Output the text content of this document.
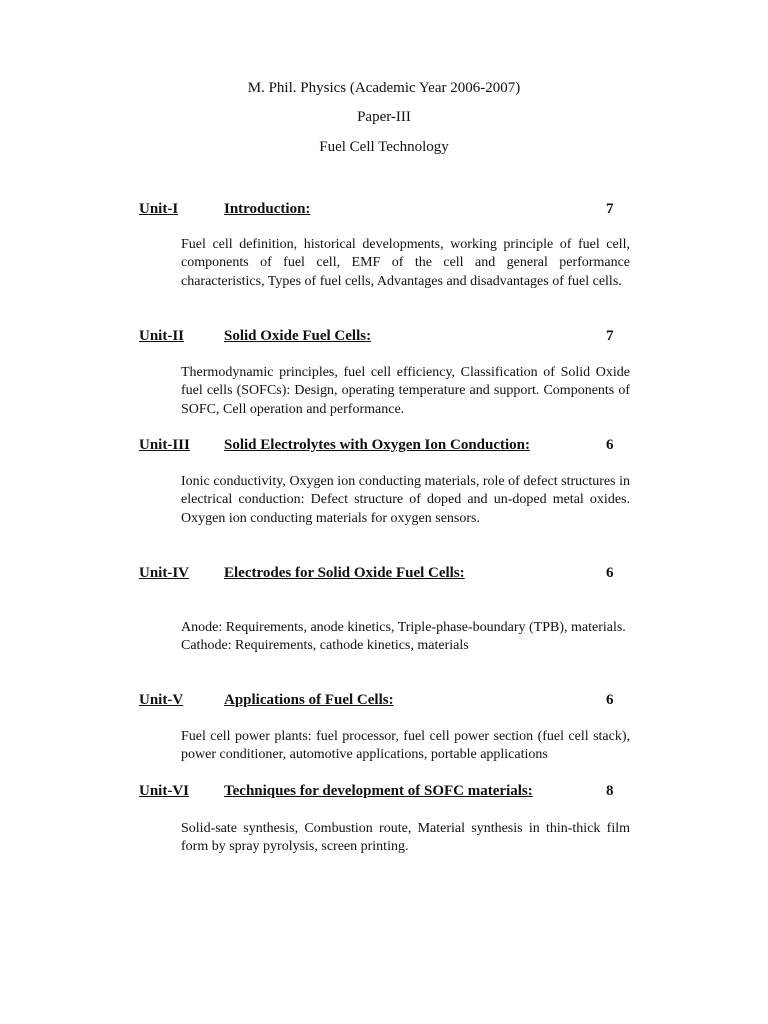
M. Phil. Physics (Academic Year 2006-2007)
Paper-III
Fuel Cell Technology
Unit-I	Introduction:	7

Fuel cell definition, historical developments, working principle of fuel cell, components of fuel cell, EMF of the cell and general performance characteristics, Types of fuel cells, Advantages and disadvantages of fuel cells.

Unit-II	Solid Oxide Fuel Cells:	7

Thermodynamic principles, fuel cell efficiency, Classification of Solid Oxide fuel cells (SOFCs): Design, operating temperature and support. Components of SOFC, Cell operation and performance.

Unit-III Solid Electrolytes with Oxygen Ion Conduction:	6

Ionic conductivity, Oxygen ion conducting materials, role of defect structures in electrical conduction: Defect structure of doped and un-doped metal oxides. Oxygen ion conducting materials for oxygen sensors.

Unit-IV Electrodes for Solid Oxide Fuel Cells:	6

Anode: Requirements, anode kinetics, Triple-phase-boundary (TPB), materials.

Cathode: Requirements, cathode kinetics, materials

Unit-V	Applications of Fuel Cells:	6

Fuel cell power plants: fuel processor, fuel cell power section (fuel cell stack), power conditioner, automotive applications, portable applications

Unit-VI Techniques for development of SOFC materials:	8

Solid-sate synthesis, Combustion route, Material synthesis in thin-thick film form by spray pyrolysis, screen printing.
